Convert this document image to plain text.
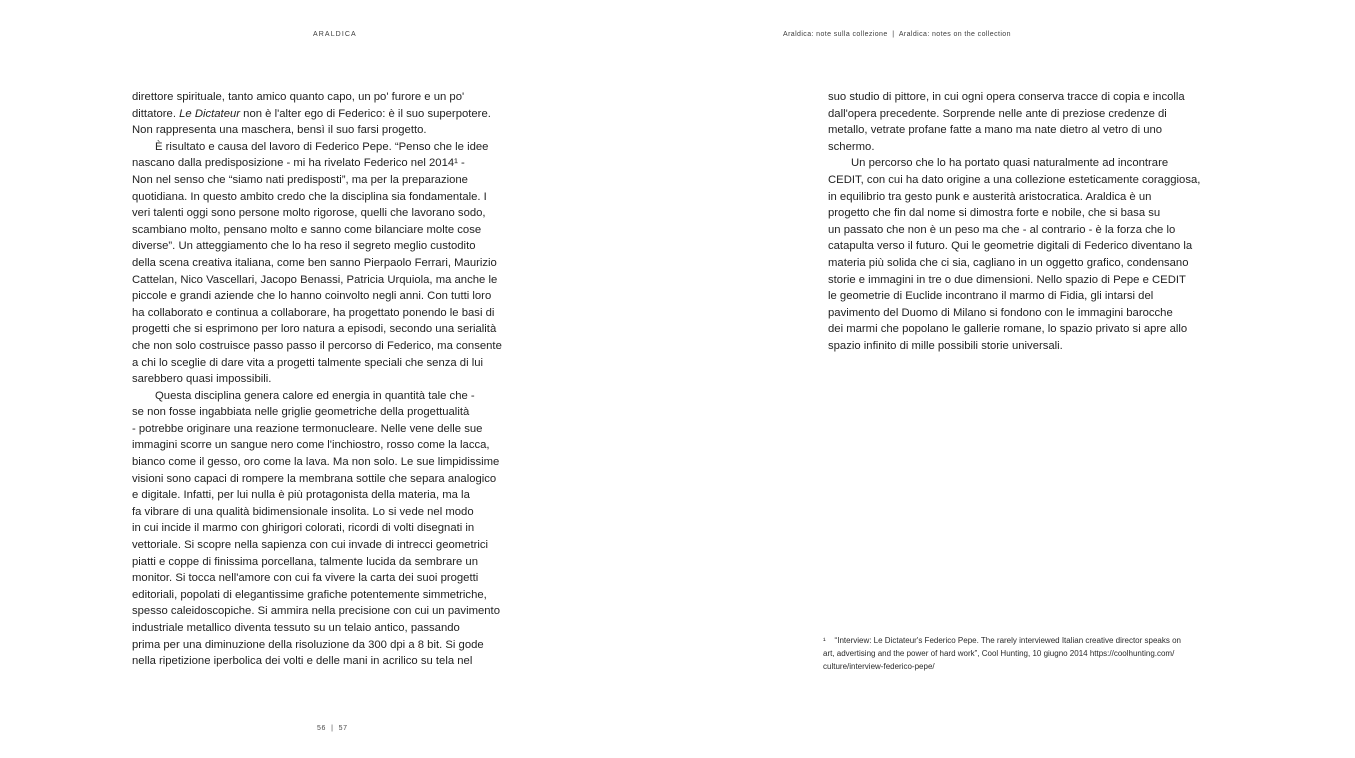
ARALDICA	Araldica: note sulla collezione  |  Araldica: notes on the collection
direttore spirituale, tanto amico quanto capo, un po' furore e un po'
dittatore. Le Dictateur non è l'alter ego di Federico: è il suo superpotere.
Non rappresenta una maschera, bensì il suo farsi progetto.
È risultato e causa del lavoro di Federico Pepe. “Penso che le idee
nascano dalla predisposizione - mi ha rivelato Federico nel 2014¹ -
Non nel senso che “siamo nati predisposti”, ma per la preparazione
quotidiana. In questo ambito credo che la disciplina sia fondamentale. I
veri talenti oggi sono persone molto rigorose, quelli che lavorano sodo,
scambiano molto, pensano molto e sanno come bilanciare molte cose
diverse”. Un atteggiamento che lo ha reso il segreto meglio custodito
della scena creativa italiana, come ben sanno Pierpaolo Ferrari, Maurizio
Cattelan, Nico Vascellari, Jacopo Benassi, Patricia Urquiola, ma anche le
piccole e grandi aziende che lo hanno coinvolto negli anni. Con tutti loro
ha collaborato e continua a collaborare, ha progettato ponendo le basi di
progetti che si esprimono per loro natura a episodi, secondo una serialità
che non solo costruisce passo passo il percorso di Federico, ma consente
a chi lo sceglie di dare vita a progetti talmente speciali che senza di lui
sarebbero quasi impossibili.
Questa disciplina genera calore ed energia in quantità tale che -
se non fosse ingabbiata nelle griglie geometriche della progettualità
- potrebbe originare una reazione termonucleare. Nelle vene delle sue
immagini scorre un sangue nero come l'inchiostro, rosso come la lacca,
bianco come il gesso, oro come la lava. Ma non solo. Le sue limpidissime
visioni sono capaci di rompere la membrana sottile che separa analogico
e digitale. Infatti, per lui nulla è più protagonista della materia, ma la
fa vibrare di una qualità bidimensionale insolita. Lo si vede nel modo
in cui incide il marmo con ghirigori colorati, ricordi di volti disegnati in
vettoriale. Si scopre nella sapienza con cui invade di intrecci geometrici
piatti e coppe di finissima porcellana, talmente lucida da sembrare un
monitor. Si tocca nell'amore con cui fa vivere la carta dei suoi progetti
editoriali, popolati di elegantissime grafiche potentemente simmetriche,
spesso caleidoscopiche. Si ammira nella precisione con cui un pavimento
industriale metallico diventa tessuto su un telaio antico, passando
prima per una diminuzione della risoluzione da 300 dpi a 8 bit. Si gode
nella ripetizione iperbolica dei volti e delle mani in acrilico su tela nel
suo studio di pittore, in cui ogni opera conserva tracce di copia e incolla
dall'opera precedente. Sorprende nelle ante di preziose credenze di
metallo, vetrate profane fatte a mano ma nate dietro al vetro di uno
schermo.
Un percorso che lo ha portato quasi naturalmente ad incontrare
CEDIT, con cui ha dato origine a una collezione esteticamente coraggiosa,
in equilibrio tra gesto punk e austerità aristocratica. Araldica è un
progetto che fin dal nome si dimostra forte e nobile, che si basa su
un passato che non è un peso ma che - al contrario - è la forza che lo
catapulta verso il futuro. Qui le geometrie digitali di Federico diventano la
materia più solida che ci sia, cagliano in un oggetto grafico, condensano
storie e immagini in tre o due dimensioni. Nello spazio di Pepe e CEDIT
le geometrie di Euclide incontrano il marmo di Fidia, gli intarsi del
pavimento del Duomo di Milano si fondono con le immagini barocche
dei marmi che popolano le gallerie romane, lo spazio privato si apre allo
spazio infinito di mille possibili storie universali.
¹    “Interview: Le Dictateur's Federico Pepe. The rarely interviewed Italian creative director speaks on
art, advertising and the power of hard work”, Cool Hunting, 10 giugno 2014 https://coolhunting.com/
culture/interview-federico-pepe/
56  |  57
